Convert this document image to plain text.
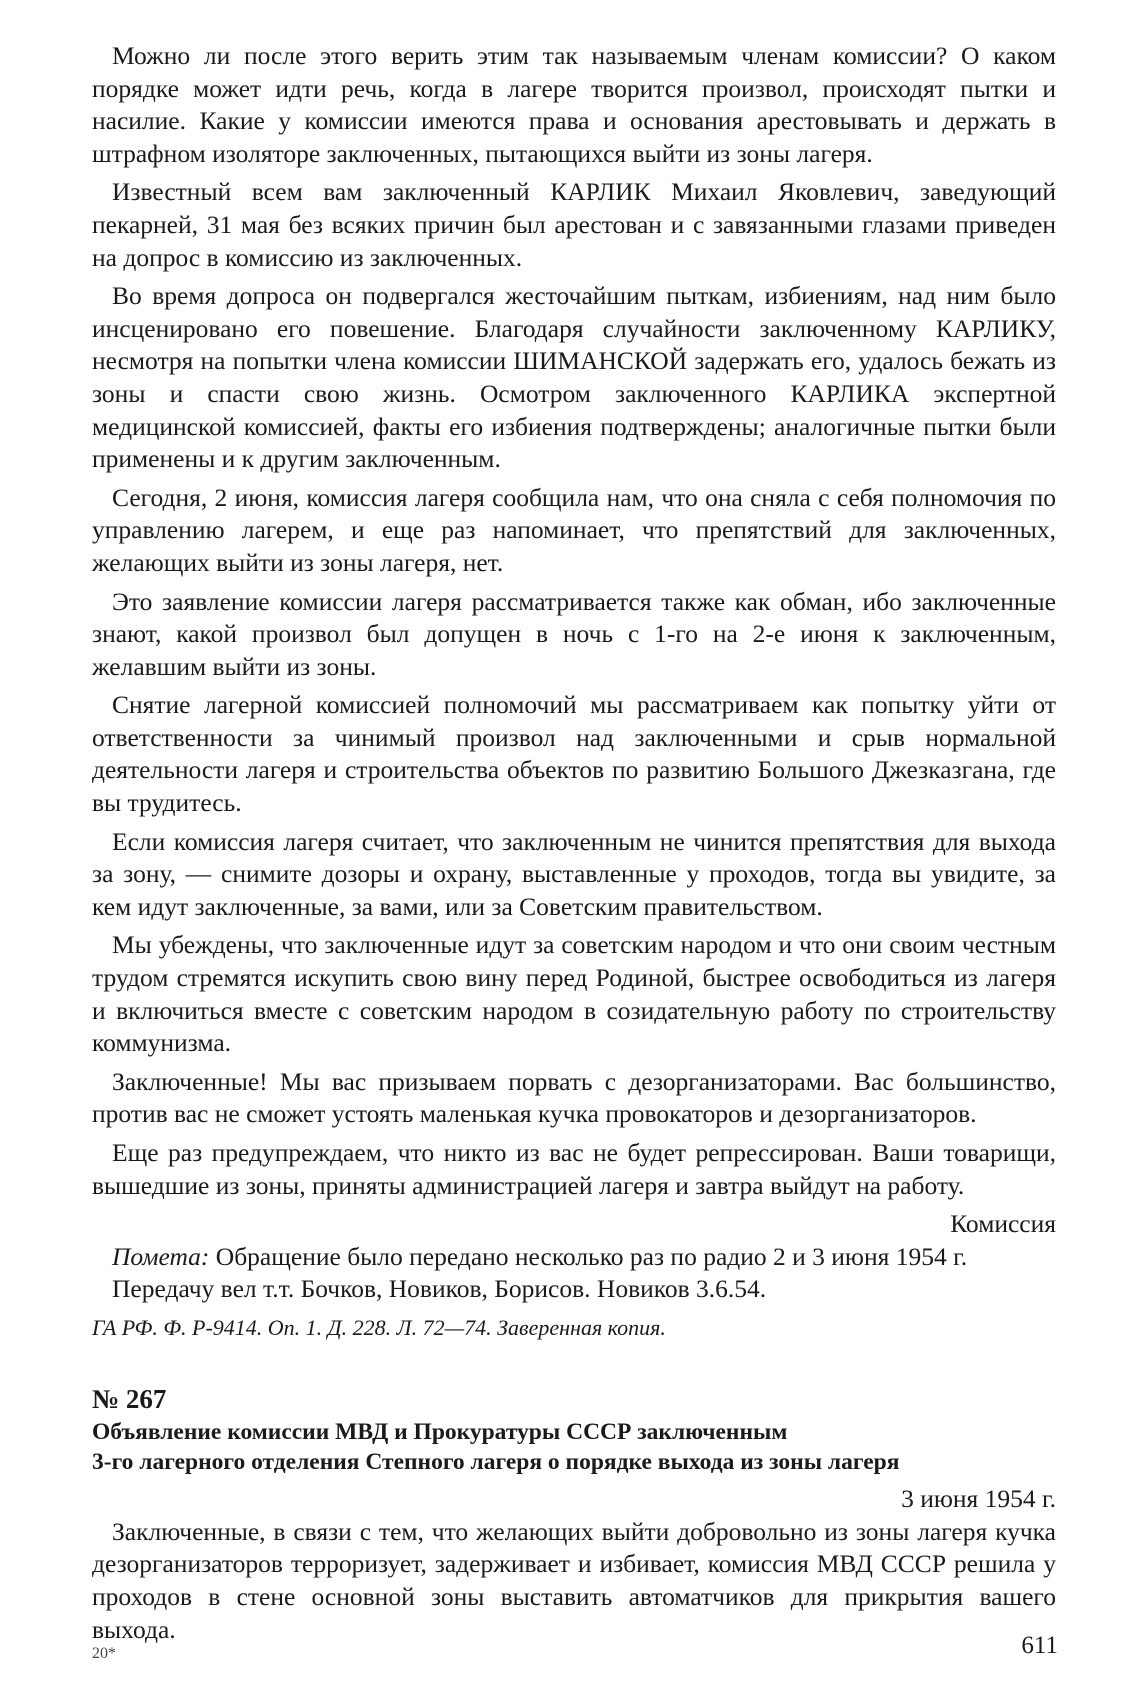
Можно ли после этого верить этим так называемым членам комиссии? О каком порядке может идти речь, когда в лагере творится произвол, происходят пытки и насилие. Какие у комиссии имеются права и основания арестовывать и держать в штрафном изоляторе заключенных, пытающихся выйти из зоны лагеря.

Известный всем вам заключенный КАРЛИК Михаил Яковлевич, заведующий пекарней, 31 мая без всяких причин был арестован и с завязанными глазами приведен на допрос в комиссию из заключенных.

Во время допроса он подвергался жесточайшим пыткам, избиениям, над ним было инсценировано его повешение. Благодаря случайности заключенному КАРЛИКУ, несмотря на попытки члена комиссии ШИМАНСКОЙ задержать его, удалось бежать из зоны и спасти свою жизнь. Осмотром заключенного КАРЛИКА экспертной медицинской комиссией, факты его избиения подтверждены; аналогичные пытки были применены и к другим заключенным.

Сегодня, 2 июня, комиссия лагеря сообщила нам, что она сняла с себя полномочия по управлению лагерем, и еще раз напоминает, что препятствий для заключенных, желающих выйти из зоны лагеря, нет.

Это заявление комиссии лагеря рассматривается также как обман, ибо заключенные знают, какой произвол был допущен в ночь с 1-го на 2-е июня к заключенным, желавшим выйти из зоны.

Снятие лагерной комиссией полномочий мы рассматриваем как попытку уйти от ответственности за чинимый произвол над заключенными и срыв нормальной деятельности лагеря и строительства объектов по развитию Большого Джезказгана, где вы трудитесь.

Если комиссия лагеря считает, что заключенным не чинится препятствия для выхода за зону, — снимите дозоры и охрану, выставленные у проходов, тогда вы увидите, за кем идут заключенные, за вами, или за Советским правительством.

Мы убеждены, что заключенные идут за советским народом и что они своим честным трудом стремятся искупить свою вину перед Родиной, быстрее освободиться из лагеря и включиться вместе с советским народом в созидательную работу по строительству коммунизма.

Заключенные! Мы вас призываем порвать с дезорганизаторами. Вас большинство, против вас не сможет устоять маленькая кучка провокаторов и дезорганизаторов.

Еще раз предупреждаем, что никто из вас не будет репрессирован. Ваши товарищи, вышедшие из зоны, приняты администрацией лагеря и завтра выйдут на работу.

Комиссия

Помета: Обращение было передано несколько раз по радио 2 и 3 июня 1954 г.
Передачу вел т.т. Бочков, Новиков, Борисов. Новиков 3.6.54.

ГА РФ. Ф. Р-9414. Оп. 1. Д. 228. Л. 72—74. Заверенная копия.

№ 267
Объявление комиссии МВД и Прокуратуры СССР заключенным
3-го лагерного отделения Степного лагеря о порядке выхода из зоны лагеря
3 июня 1954 г.

Заключенные, в связи с тем, что желающих выйти добровольно из зоны лагеря кучка дезорганизаторов терроризует, задерживает и избивает, комиссия МВД СССР решила у проходов в стене основной зоны выставить автоматчиков для прикрытия вашего выхода.

20*	611
